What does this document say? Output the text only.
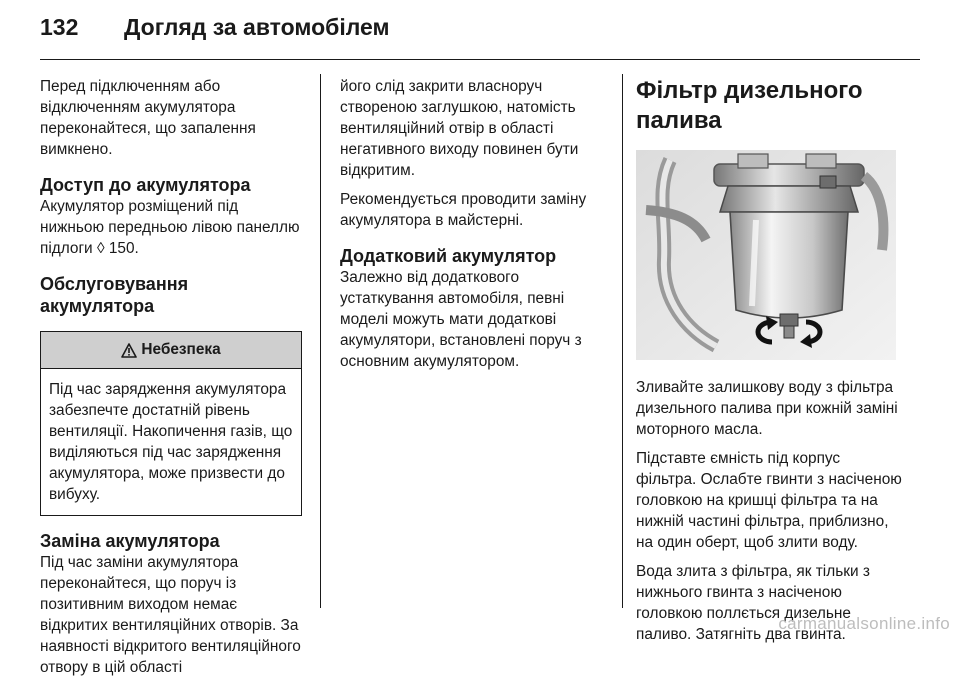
132	Догляд за автомобілем

Перед підключенням або відключенням акумулятора переконайтеся, що запалення вимкнено.

Доступ до акумулятора

Акумулятор розміщений під нижньою передньою лівою панеллю підлоги ◊ 150.

Обслуговування акумулятора
Небезпека

Під час зарядження акумулятора забезпечте достатній рівень вентиляції. Накопичення газів, що виділяються під час зарядження акумулятора, може призвести до вибуху.

Заміна акумулятора

Під час заміни акумулятора переконайтеся, що поруч із позитивним виходом немає відкритих вентиляційних отворів. За наявності відкритого вентиляційного отвору в цій області

його слід закрити власноруч створеною заглушкою, натомість вентиляційний отвір в області негативного виходу повинен бути відкритим.

Рекомендується проводити заміну акумулятора в майстерні.

Додатковий акумулятор

Залежно від додаткового устаткування автомобіля, певні моделі можуть мати додаткові акумулятори, встановлені поруч з основним акумулятором.

Фільтр дизельного палива

Зливайте залишкову воду з фільтра дизельного палива при кожній заміні моторного масла.

Підставте ємність під корпус фільтра. Ослабте гвинти з насіченою головкою на кришці фільтра та на нижній частині фільтра, приблизно, на один оберт, щоб злити воду.

Вода злита з фільтра, як тільки з нижнього гвинта з насіченою головкою поллється дизельне паливо. Затягніть два гвинта.

carmanualsonline.info
